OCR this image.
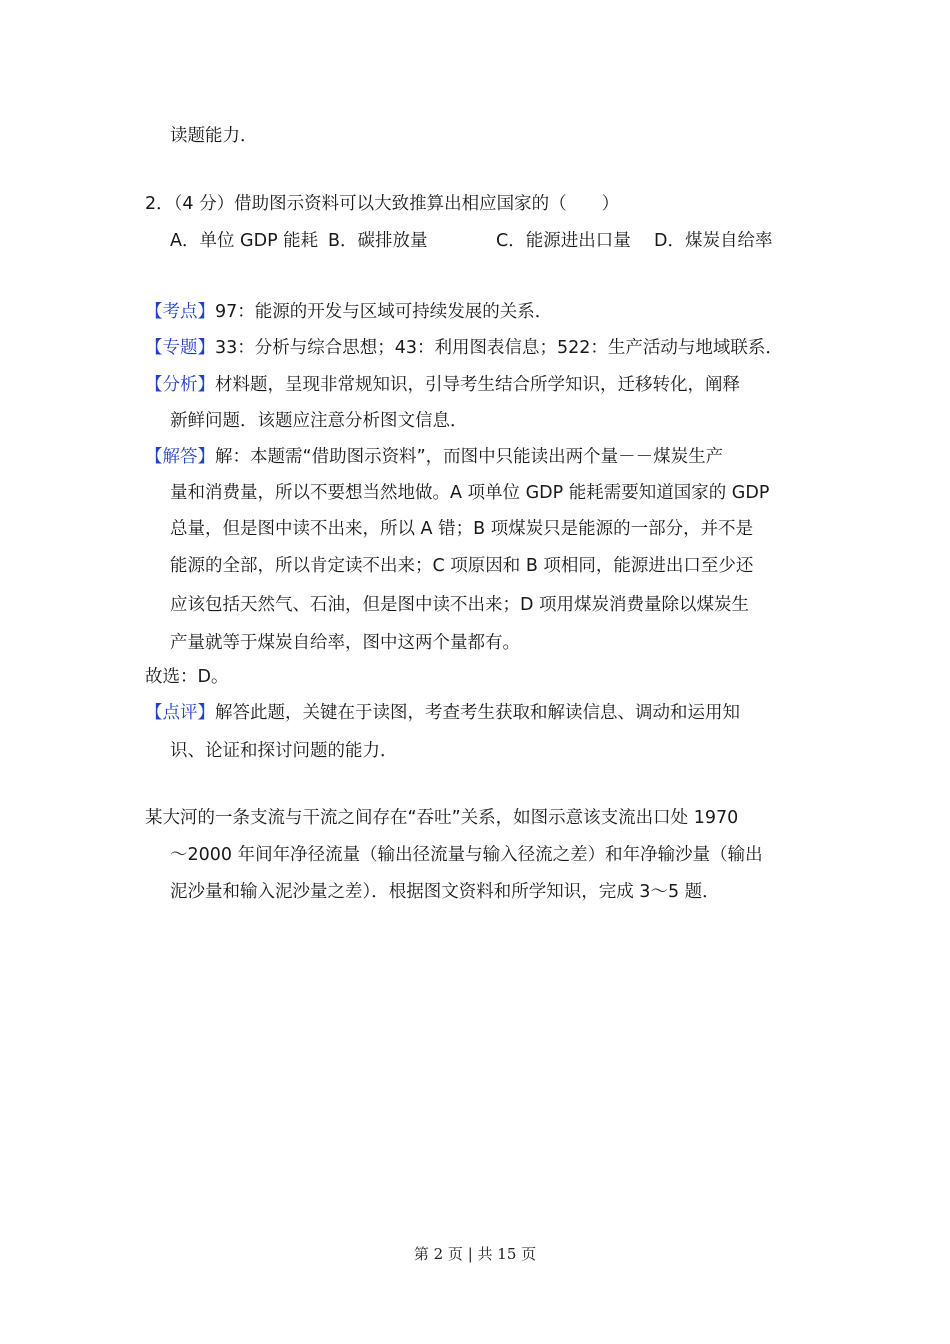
读题能力．
2．（4 分）借助图示资料可以大致推算出相应国家的（　　）
A．单位 GDP 能耗 B．碳排放量	C．能源进出口量 D．煤炭自给率
【考点】97：能源的开发与区域可持续发展的关系．
【专题】33：分析与综合思想；43：利用图表信息；522：生产活动与地域联系．
【分析】材料题，呈现非常规知识，引导考生结合所学知识，迁移转化，阐释
新鲜问题．该题应注意分析图文信息．
【解答】解：本题需“借助图示资料”，而图中只能读出两个量－－煤炭生产
量和消费量，所以不要想当然地做。A 项单位 GDP 能耗需要知道国家的 GDP
总量，但是图中读不出来，所以 A 错；B 项煤炭只是能源的一部分，并不是
能源的全部，所以肯定读不出来；C 项原因和 B 项相同，能源进出口至少还
应该包括天然气、石油，但是图中读不出来；D 项用煤炭消费量除以煤炭生
产量就等于煤炭自给率，图中这两个量都有。
故选：D。
【点评】解答此题，关键在于读图，考查考生获取和解读信息、调动和运用知
识、论证和探讨问题的能力．
某大河的一条支流与干流之间存在“吞吐”关系，如图示意该支流出口处 1970
～2000 年间年净径流量（输出径流量与输入径流之差）和年净输沙量（输出
泥沙量和输入泥沙量之差）．根据图文资料和所学知识，完成 3～5 题．
第 2 页 | 共 15 页
